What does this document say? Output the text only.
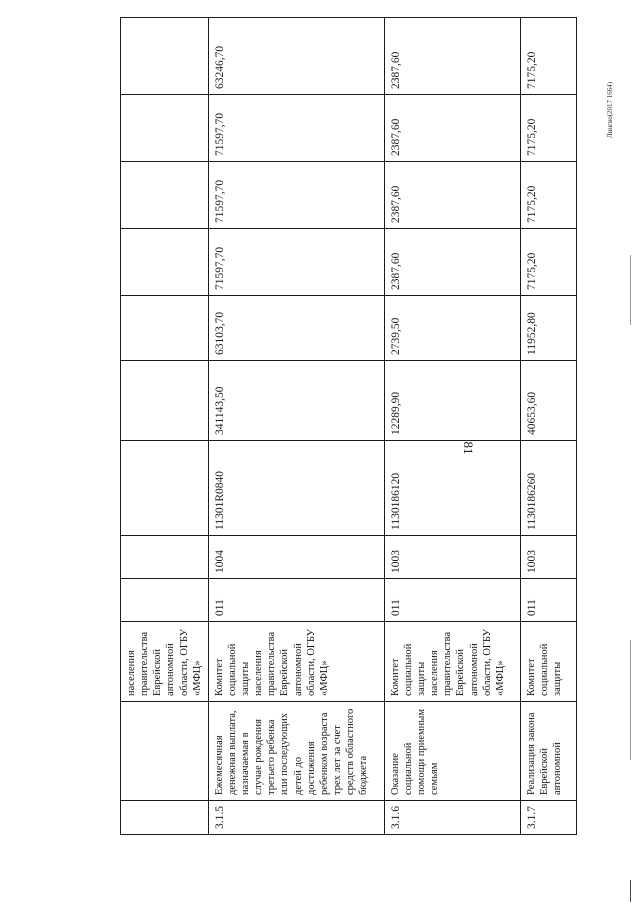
81
Лингво(2017 1664)
		населения правительства Еврейской автономной области, ОГБУ «МФЦ»									
3.1.5	Ежемесячная денежная выплата, назначаемая в случае рождения третьего ребенка или последующих детей до достижения ребенком возраста трех лет за счет средств областного бюджета	Комитет социальной защиты населения правительства Еврейской автономной области, ОГБУ «МФЦ»	011	1004	11301R0840	341143,50	63103,70	71597,70	71597,70	71597,70	63246,70
3.1.6	Оказание социальной помощи приемным семьям	Комитет социальной защиты населения правительства Еврейской автономной области, ОГБУ «МФЦ»	011	1003	1130186120	12289,90	2739,50	2387,60	2387,60	2387,60	2387,60
3.1.7	Реализация закона Еврейской автономной	Комитет социальной защиты	011	1003	1130186260	40653,60	11952,80	7175,20	7175,20	7175,20	7175,20
